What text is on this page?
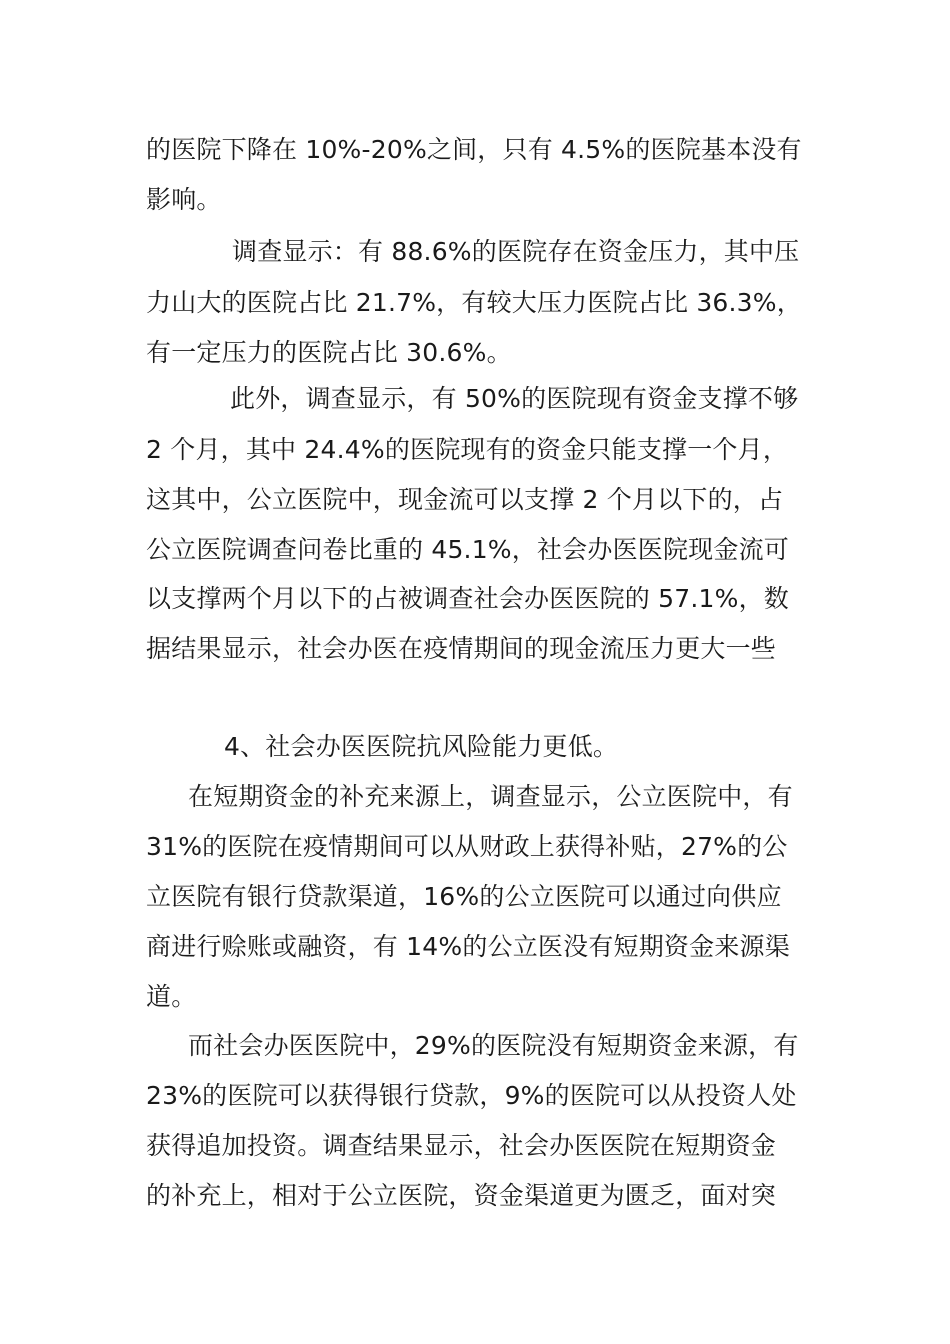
的医院下降在 10%-20%之间，只有 4.5%的医院基本没有
影响。
调查显示：有 88.6%的医院存在资金压力，其中压
力山大的医院占比 21.7%，有较大压力医院占比 36.3%，
有一定压力的医院占比 30.6%。
此外，调查显示，有 50%的医院现有资金支撑不够
2 个月，其中 24.4%的医院现有的资金只能支撑一个月，
这其中，公立医院中，现金流可以支撑 2 个月以下的，占
公立医院调查问卷比重的 45.1%，社会办医医院现金流可
以支撑两个月以下的占被调查社会办医医院的 57.1%，数
据结果显示，社会办医在疫情期间的现金流压力更大一些
4、社会办医医院抗风险能力更低。
在短期资金的补充来源上，调查显示，公立医院中，有
31%的医院在疫情期间可以从财政上获得补贴，27%的公
立医院有银行贷款渠道，16%的公立医院可以通过向供应
商进行赊账或融资，有 14%的公立医没有短期资金来源渠
道。
而社会办医医院中，29%的医院没有短期资金来源，有
23%的医院可以获得银行贷款，9%的医院可以从投资人处
获得追加投资。调查结果显示，社会办医医院在短期资金
的补充上，相对于公立医院，资金渠道更为匮乏，面对突
